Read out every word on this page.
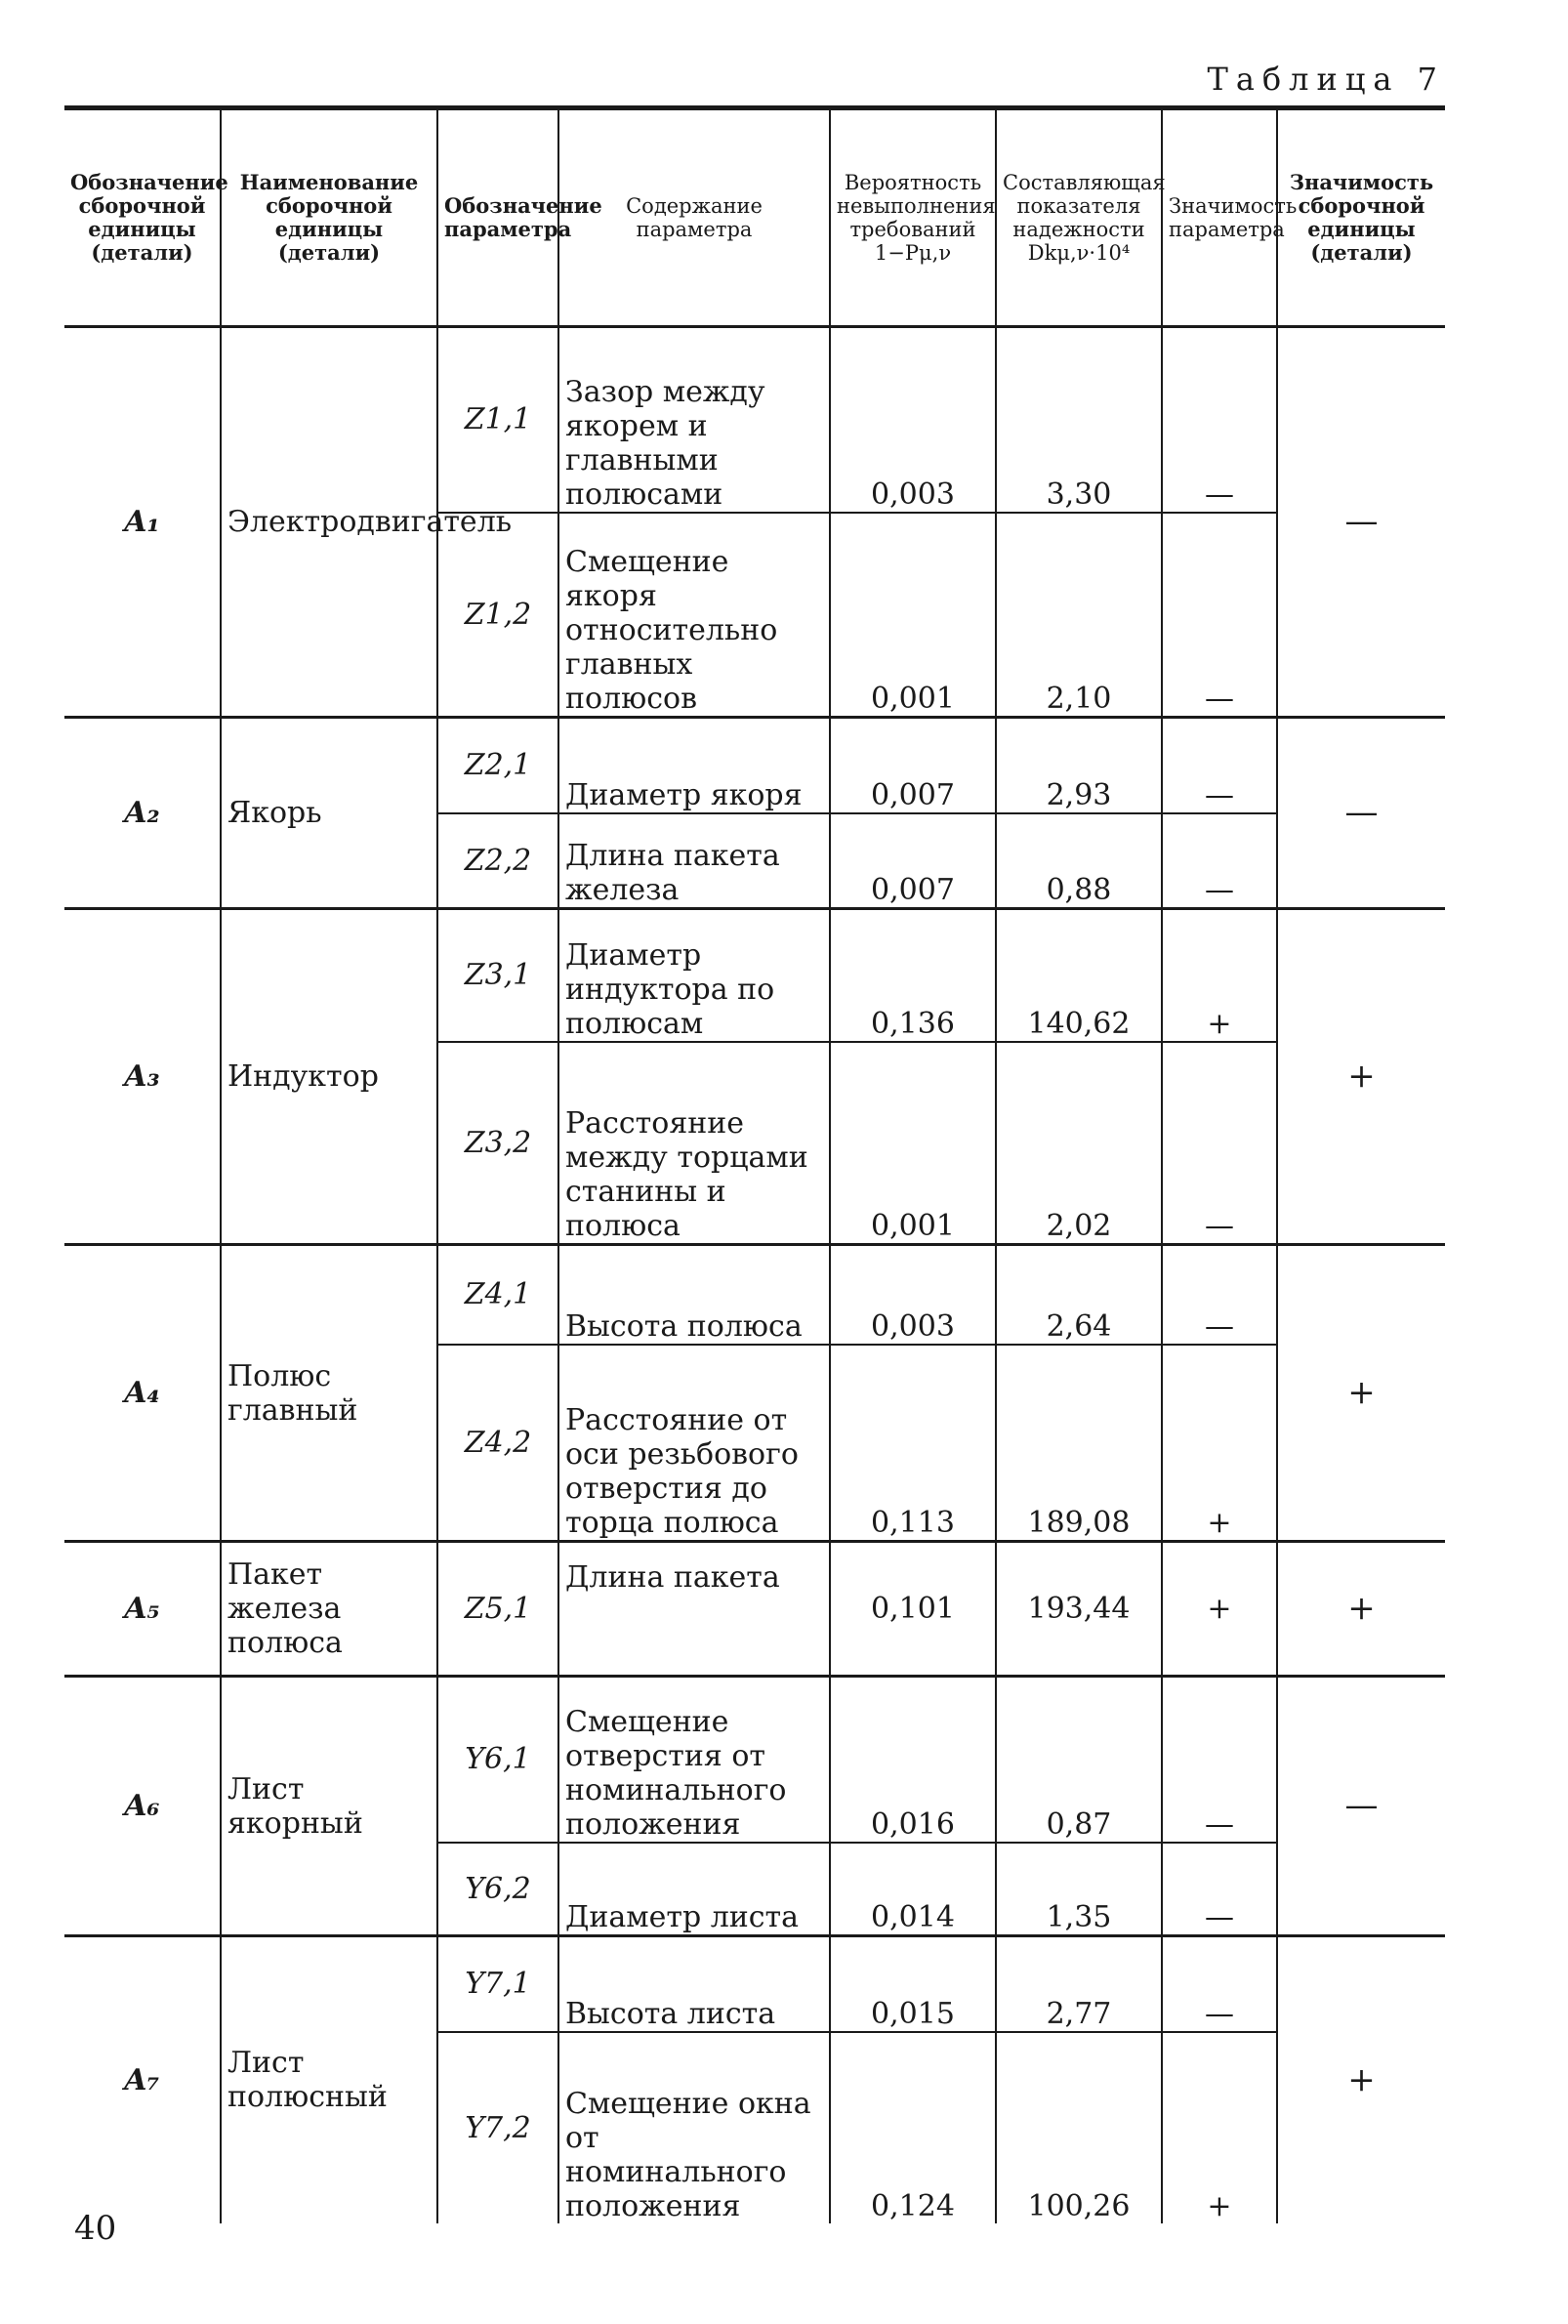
Таблица 7
Обозначение сборочной единицы (детали)	Наименование сборочной единицы (детали)	Обозначение параметра	Содержание параметра	Вероятность невыполнения требований 1−Pμ,ν	Составляющая показателя надежности Dkμ,ν·10⁴	Значимость параметра	Значимость сборочной единицы (детали)
A₁	Электродвигатель	Z1,1	Зазор между якорем и главными полюсами	0,003	3,30	—	—
		Z1,2	Смещение якоря относительно главных полюсов	0,001	2,10	—	
A₂	Якорь	Z2,1	Диаметр якоря	0,007	2,93	—	—
		Z2,2	Длина пакета железа	0,007	0,88	—	
A₃	Индуктор	Z3,1	Диаметр индуктора по полюсам	0,136	140,62	+	+
		Z3,2	Расстояние между торцами станины и полюса	0,001	2,02	—	
A₄	Полюс главный	Z4,1	Высота полюса	0,003	2,64	—	+
		Z4,2	Расстояние от оси резьбового отверстия до торца полюса	0,113	189,08	+	
A₅	Пакет железа полюса	Z5,1	Длина пакета	0,101	193,44	+	+
A₆	Лист якорный	Y6,1	Смещение отверстия от номинального положения	0,016	0,87	—	—
		Y6,2	Диаметр листа	0,014	1,35	—	
A₇	Лист полюсный	Y7,1	Высота листа	0,015	2,77	—	+
		Y7,2	Смещение окна от номинального положения	0,124	100,26	+	
40
